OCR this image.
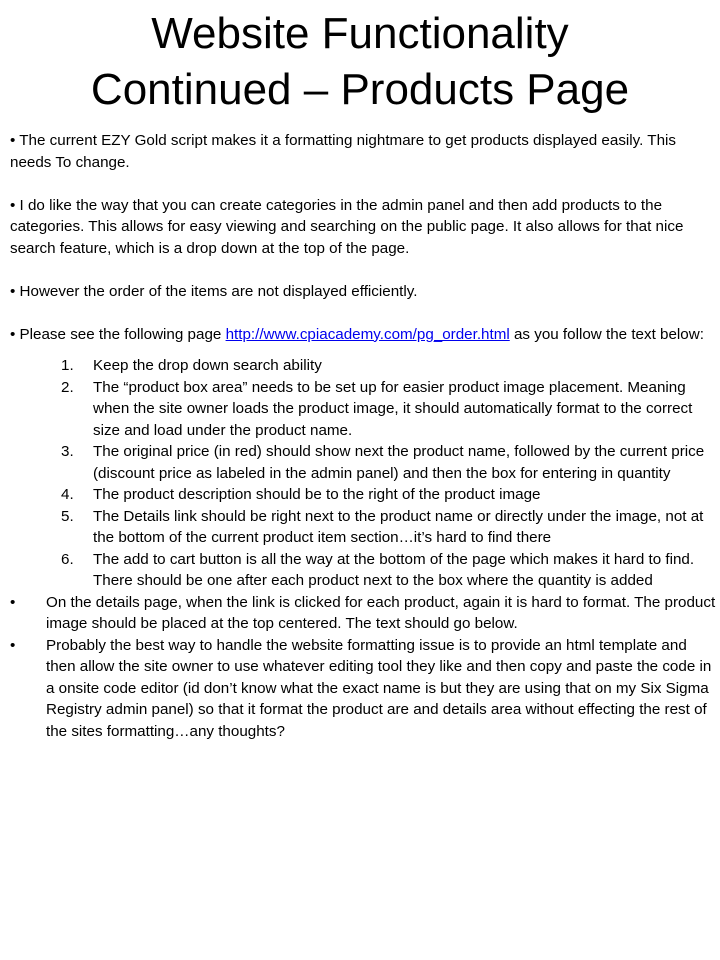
Website Functionality
Continued – Products Page

• The current EZY Gold script makes it a formatting nightmare to get products displayed easily. This needs To change.

• I do like the way that you can create categories in the admin panel and then add products to the categories. This allows for easy viewing and searching on the public page. It also allows for that nice search feature, which is a drop down at the top of the page.

• However the order of the items are not displayed efficiently.

• Please see the following page http://www.cpiacademy.com/pg_order.html as you follow the text below:

1. Keep the drop down search ability
2. The “product box area” needs to be set up for easier product image placement. Meaning when the site owner loads the product image, it should automatically format to the correct size and load under the product name.
3. The original price (in red) should show next the product name, followed by the current price (discount price as labeled in the admin panel) and then the box for entering in quantity
4. The product description should be to the right of the product image
5. The Details link should be right next to the product name or directly under the image, not at the bottom of the current product item section…it’s hard to find there
6. The add to cart button is all the way at the bottom of the page which makes it hard to find. There should be one after each product next to the box where the quantity is added
• On the details page, when the link is clicked for each product, again it is hard to format. The product image should be placed at the top centered. The text should go below.
• Probably the best way to handle the website formatting issue is to provide an html template and then allow the site owner to use whatever editing tool they like and then copy and paste the code in a onsite code editor (id don’t know what the exact name is but they are using that on my Six Sigma Registry admin panel) so that it format the product are and details area without effecting the rest of the sites formatting…any thoughts?
